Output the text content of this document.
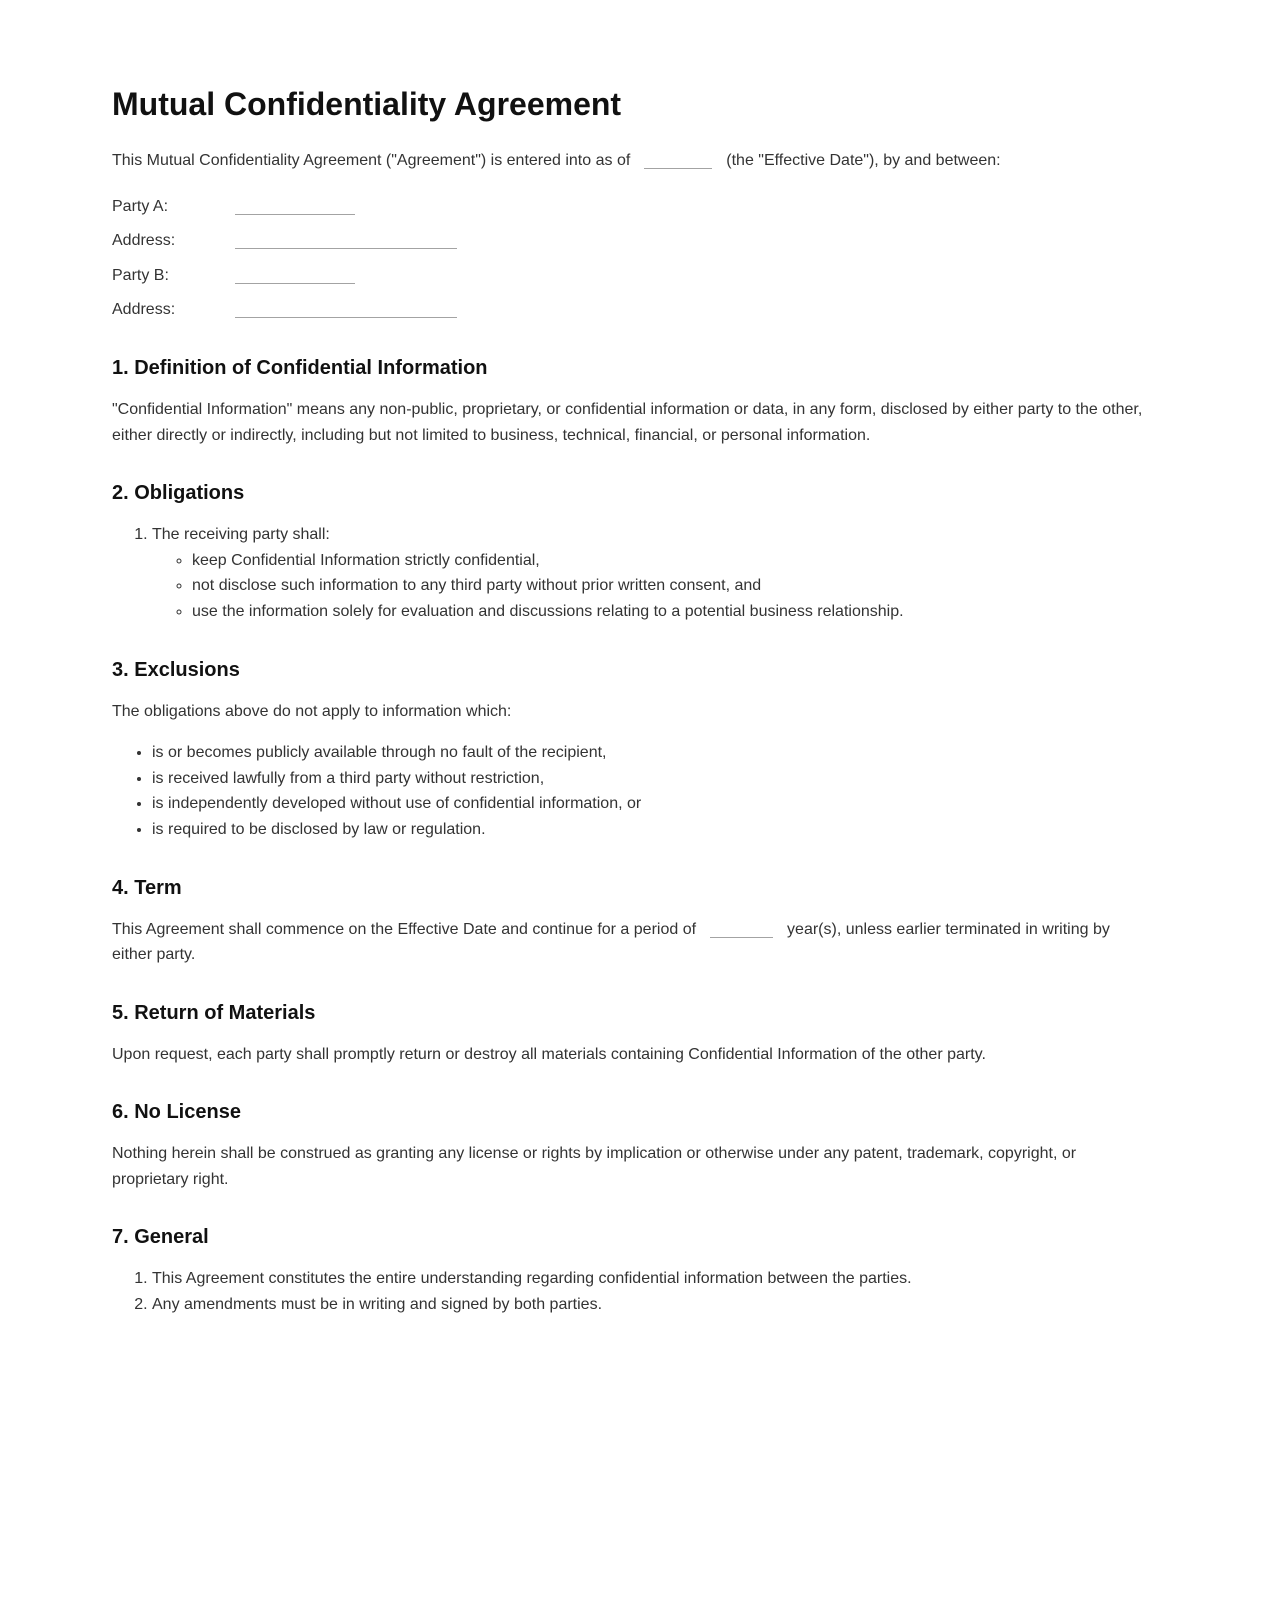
Mutual Confidentiality Agreement

This Mutual Confidentiality Agreement ("Agreement") is entered into as of	(the "Effective Date"), by and between:

Party A:

Address:

Party B:

Address:

1. Definition of Confidential Information

"Confidential Information" means any non-public, proprietary, or confidential information or data, in any form, disclosed by either party to the other, either directly or indirectly, including but not limited to business, technical, financial, or personal information.

2. Obligations
1. The receiving party shall:
◦ keep Confidential Information strictly confidential,
◦ not disclose such information to any third party without prior written consent, and
◦ use the information solely for evaluation and discussions relating to a potential business relationship.
3. Exclusions

The obligations above do not apply to information which:

• is or becomes publicly available through no fault of the recipient,
• is received lawfully from a third party without restriction,
• is independently developed without use of confidential information, or
• is required to be disclosed by law or regulation.
4. Term

This Agreement shall commence on the Effective Date and continue for a period of	year(s), unless earlier terminated in writing by either party.

5. Return of Materials

Upon request, each party shall promptly return or destroy all materials containing Confidential Information of the other party.

6. No License

Nothing herein shall be construed as granting any license or rights by implication or otherwise under any patent, trademark, copyright, or proprietary right.

7. General
1. This Agreement constitutes the entire understanding regarding confidential information between the parties.
2. Any amendments must be in writing and signed by both parties.
